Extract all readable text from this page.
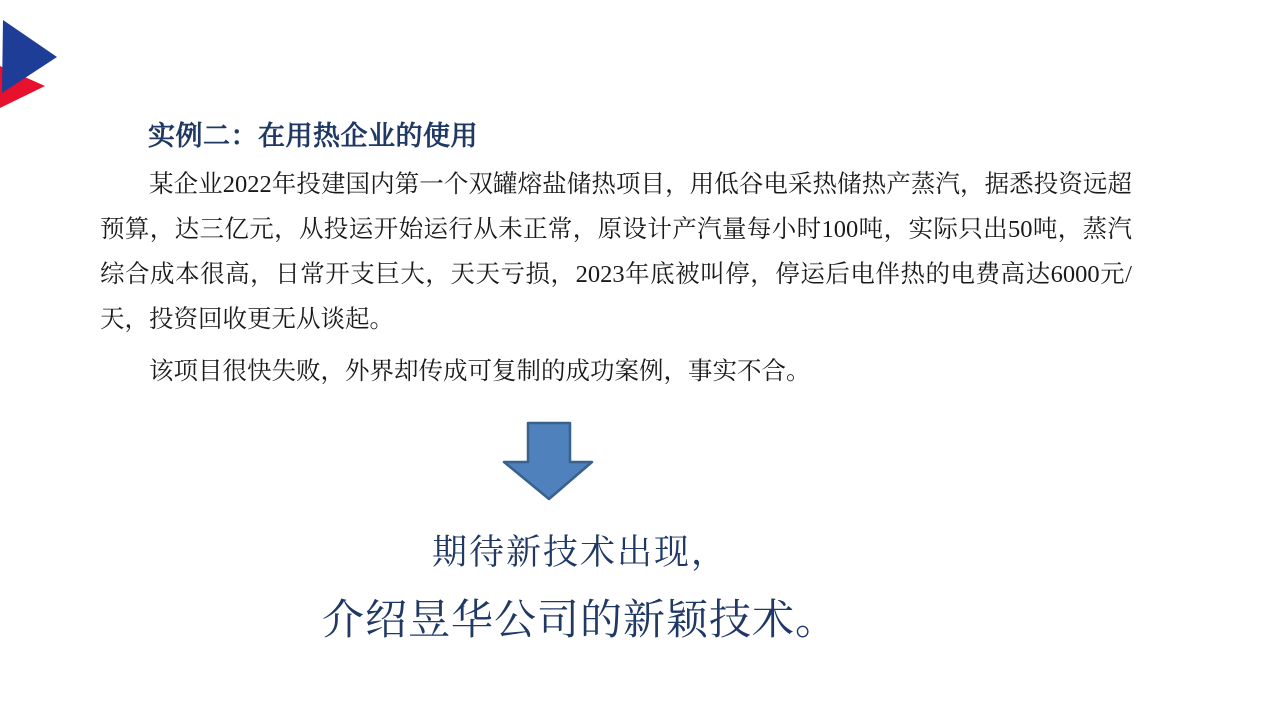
实例二：在用热企业的使用

某企业2022年投建国内第一个双罐熔盐储热项目，用低谷电采热储热产蒸汽，据悉投资远超预算，达三亿元，从投运开始运行从未正常，原设计产汽量每小时100吨，实际只出50吨，蒸汽综合成本很高，日常开支巨大，天天亏损，2023年底被叫停，停运后电伴热的电费高达6000元/天，投资回收更无从谈起。

该项目很快失败，外界却传成可复制的成功案例，事实不合。

期待新技术出现，
介绍昱华公司的新颖技术。
